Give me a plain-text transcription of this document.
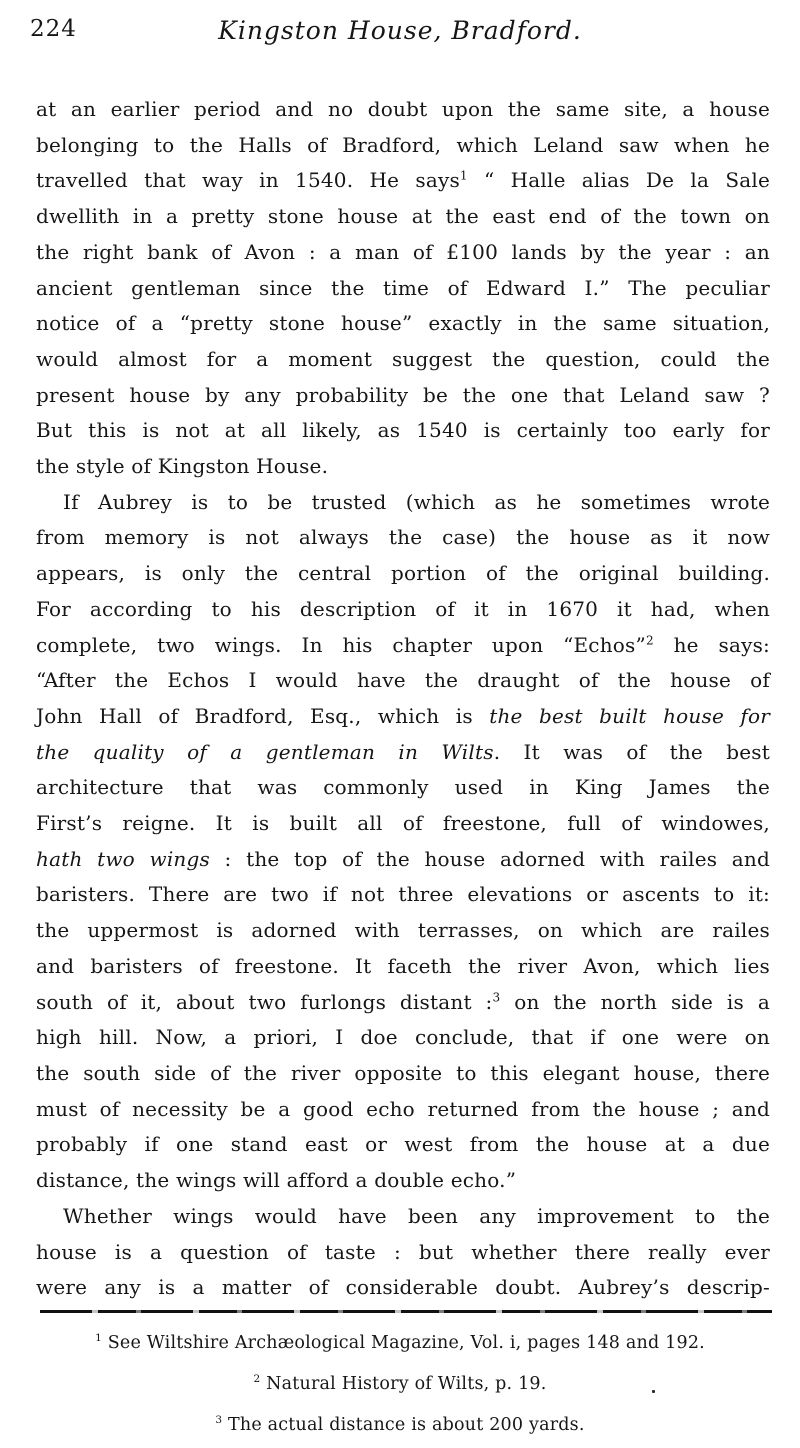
224	Kingston House, Bradford.
at an earlier period and no doubt upon the same site, a house
belonging to the Halls of Bradford, which Leland saw when he
travelled that way in 1540. He says$^1$ “ Halle alias De la Sale
dwellith in a pretty stone house at the east end of the town on
the right bank of Avon : a man of £100 lands by the year : an
ancient gentleman since the time of Edward I.” The peculiar
notice of a “pretty stone house” exactly in the same situation,
would almost for a moment suggest the question, could the
present house by any probability be the one that Leland saw ?
But this is not at all likely, as 1540 is certainly too early for
the style of Kingston House.
If Aubrey is to be trusted (which as he sometimes wrote
from memory is not always the case) the house as it now
appears, is only the central portion of the original building.
For according to his description of it in 1670 it had, when
complete, two wings. In his chapter upon “Echos”$^2$ he says:
“After the Echos I would have the draught of the house of
John Hall of Bradford, Esq., which is the best built house for
the quality of a gentleman in Wilts. It was of the best
architecture that was commonly used in King James the
First’s reigne. It is built all of freestone, full of windowes,
hath two wings : the top of the house adorned with railes and
baristers. There are two if not three elevations or ascents to it:
the uppermost is adorned with terrasses, on which are railes
and baristers of freestone. It faceth the river Avon, which lies
south of it, about two furlongs distant :$^3$ on the north side is a
high hill. Now, a priori, I doe conclude, that if one were on
the south side of the river opposite to this elegant house, there
must of necessity be a good echo returned from the house ; and
probably if one stand east or west from the house at a due
distance, the wings will afford a double echo.”
Whether wings would have been any improvement to the
house is a question of taste : but whether there really ever
were any is a matter of considerable doubt. Aubrey’s descrip-
$^1$ See Wiltshire Archæological Magazine, Vol. i, pages 148 and 192.
$^2$ Natural History of Wilts, p. 19.
$^3$ The actual distance is about 200 yards.
